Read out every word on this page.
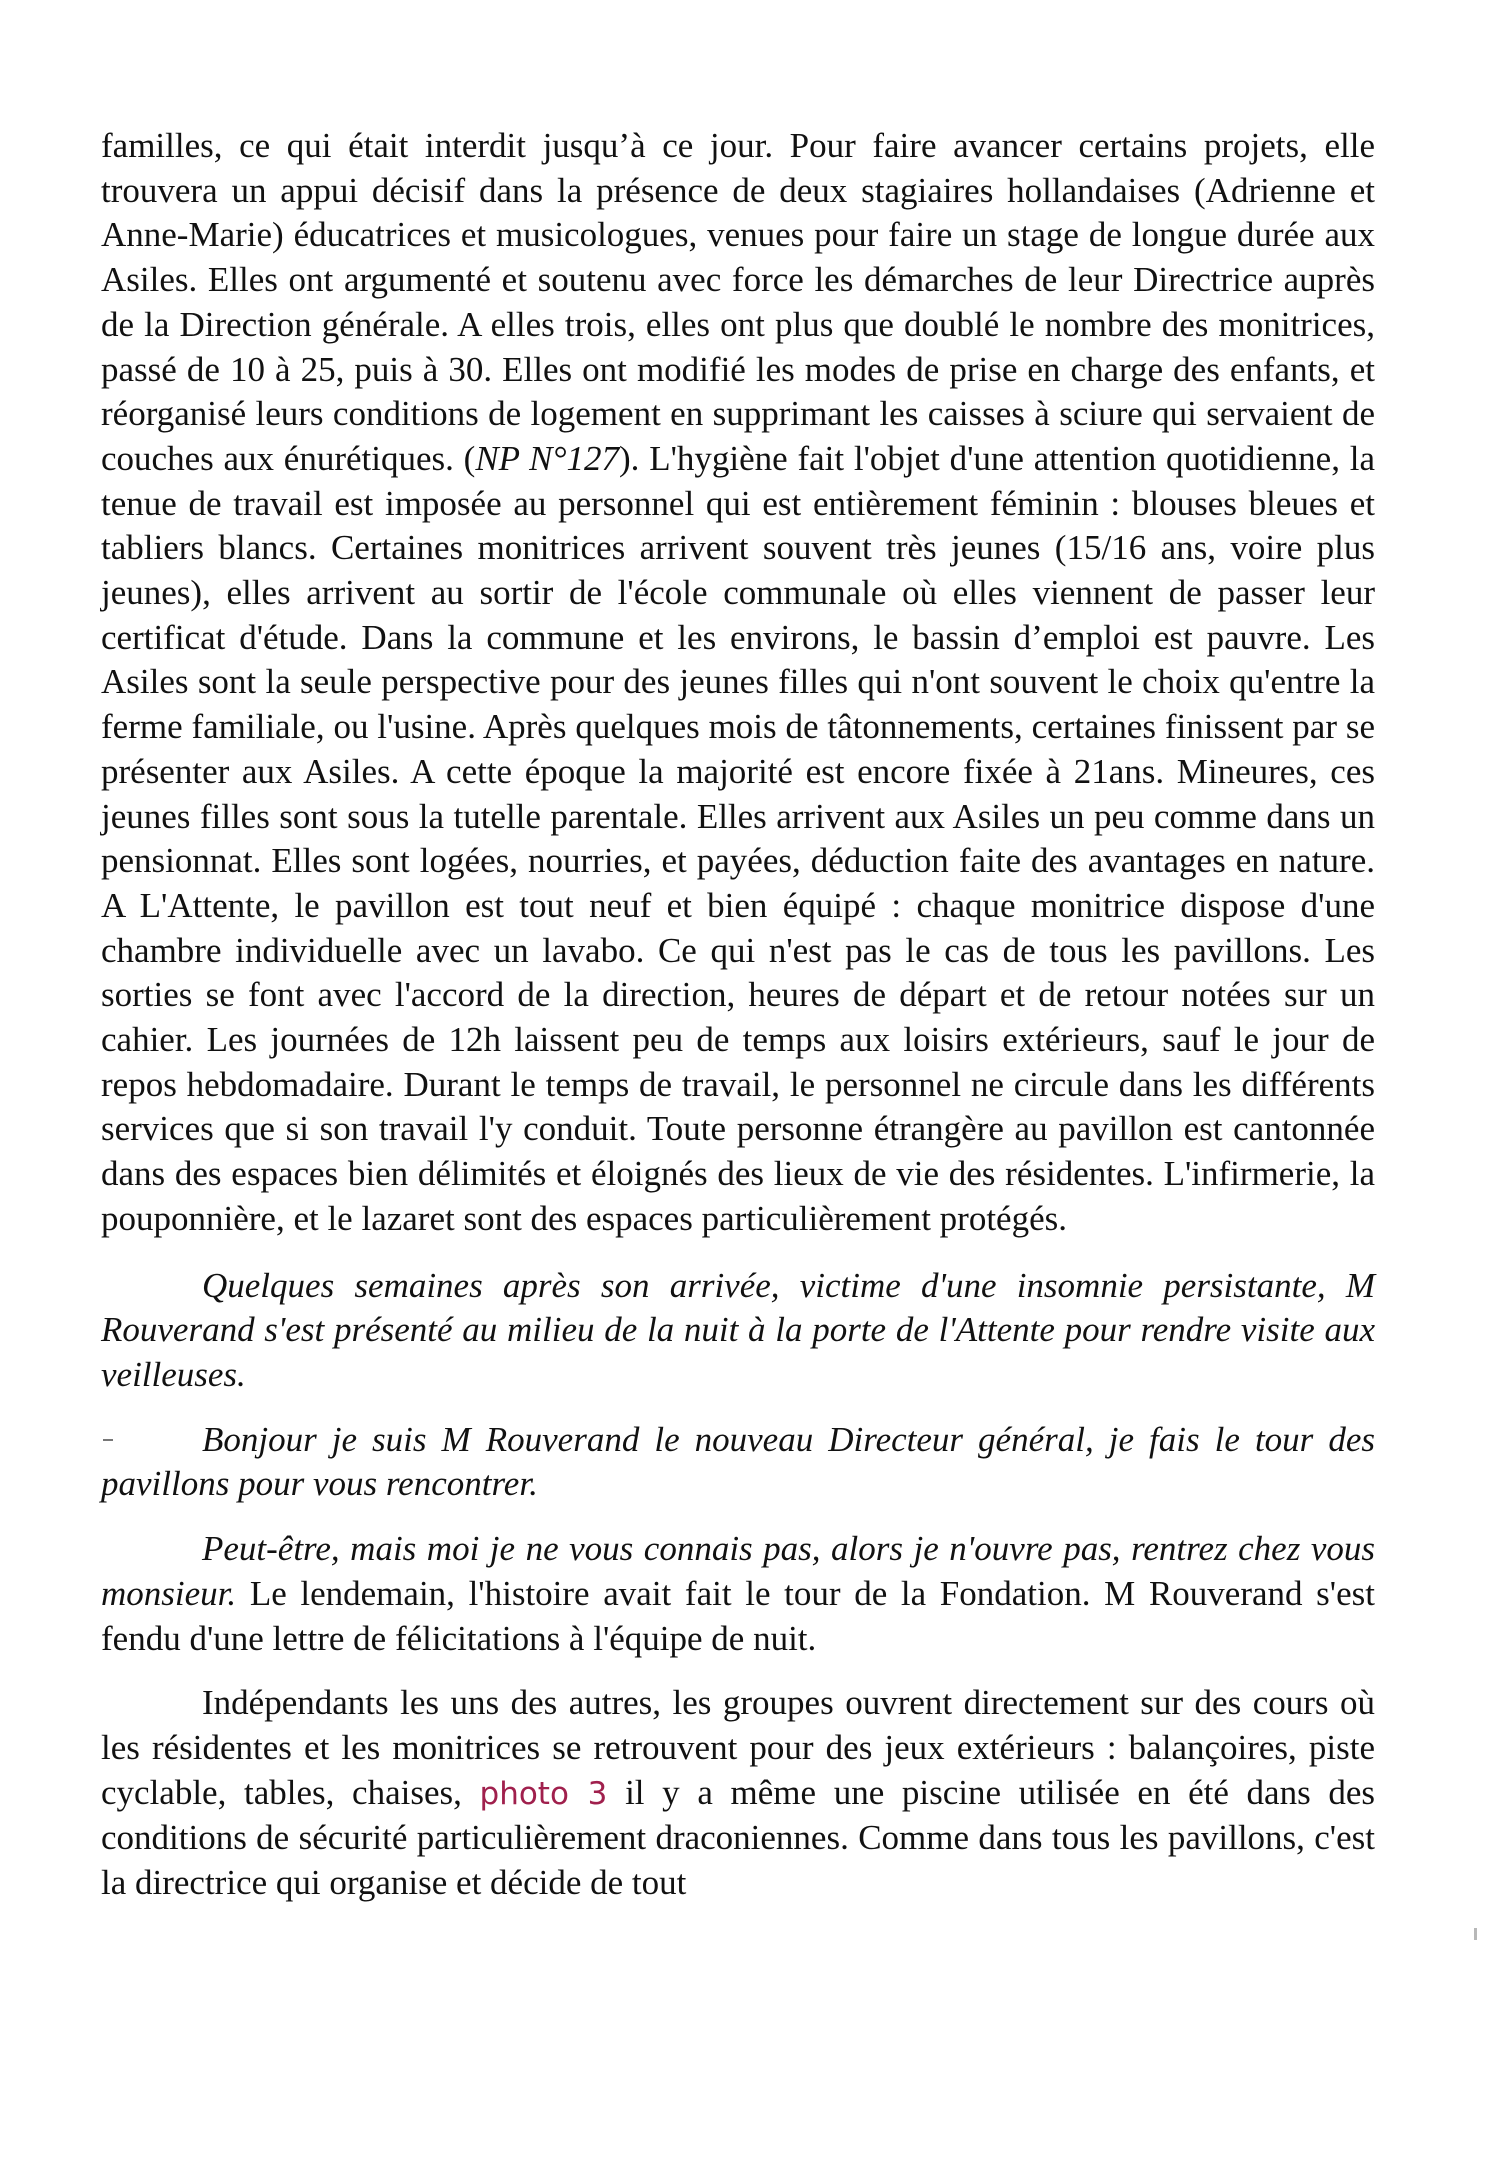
familles, ce qui était interdit jusqu’à ce jour. Pour faire avancer certains projets, elle trouvera un appui décisif dans la présence de deux stagiaires hollandaises (Adrienne et Anne-Marie) éducatrices et musicologues, venues pour faire un stage de longue durée aux Asiles. Elles ont argumenté et soutenu avec force les démarches de leur Directrice auprès de la Direction générale. A elles trois, elles ont plus que doublé le nombre des monitrices, passé de 10 à 25, puis à 30. Elles ont modifié les modes de prise en charge des enfants, et réorganisé leurs conditions de logement en supprimant les caisses à sciure qui servaient de couches aux énurétiques. (NP N°127). L'hygiène fait l'objet d'une attention quotidienne, la tenue de travail est imposée au personnel qui est entièrement féminin : blouses bleues et tabliers blancs. Certaines monitrices arrivent souvent très jeunes (15/16 ans, voire plus jeunes), elles arrivent au sortir de l'école communale où elles viennent de passer leur certificat d'étude. Dans la commune et les environs, le bassin d’emploi est pauvre. Les Asiles sont la seule perspective pour des jeunes filles qui n'ont souvent le choix qu'entre la ferme familiale, ou l'usine. Après quelques mois de tâtonnements, certaines finissent par se présenter aux Asiles. A cette époque la majorité est encore fixée à 21ans. Mineures, ces jeunes filles sont sous la tutelle parentale. Elles arrivent aux Asiles un peu comme dans un pensionnat. Elles sont logées, nourries, et payées, déduction faite des avantages en nature. A L'Attente, le pavillon est tout neuf et bien équipé : chaque monitrice dispose d'une chambre individuelle avec un lavabo. Ce qui n'est pas le cas de tous les pavillons. Les sorties se font avec l'accord de la direction, heures de départ et de retour notées sur un cahier. Les journées de 12h laissent peu de temps aux loisirs extérieurs, sauf le jour de repos hebdomadaire. Durant le temps de travail, le personnel ne circule dans les différents services que si son travail l'y conduit. Toute personne étrangère au pavillon est cantonnée dans des espaces bien délimités et éloignés des lieux de vie des résidentes. L'infirmerie, la pouponnière, et le lazaret sont des espaces particulièrement protégés.

Quelques semaines après son arrivée, victime d'une insomnie persistante, M Rouverand s'est présenté au milieu de la nuit à la porte de l'Attente pour rendre visite aux veilleuses.

Bonjour je suis M Rouverand le nouveau Directeur général, je fais le tour des pavillons pour vous rencontrer.

Peut-être, mais moi je ne vous connais pas, alors je n'ouvre pas, rentrez chez vous monsieur. Le lendemain, l'histoire avait fait le tour de la Fondation. M Rouverand s'est fendu d'une lettre de félicitations à l'équipe de nuit.

Indépendants les uns des autres, les groupes ouvrent directement sur des cours où les résidentes et les monitrices se retrouvent pour des jeux extérieurs : balançoires, piste cyclable, tables, chaises, photo 3 il y a même une piscine utilisée en été dans des conditions de sécurité particulièrement draconiennes. Comme dans tous les pavillons, c'est la directrice qui organise et décide de tout
